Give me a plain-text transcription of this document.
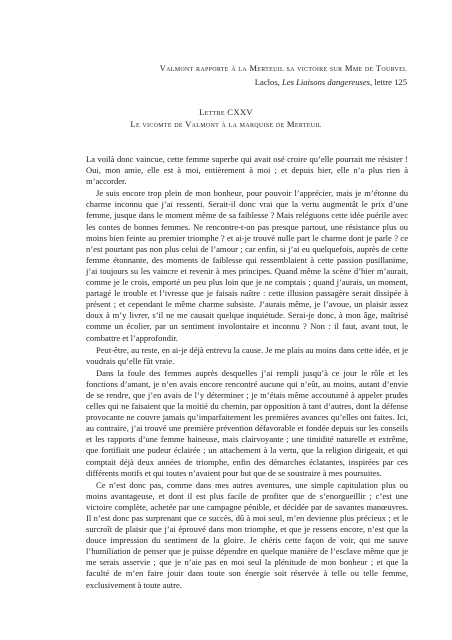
Valmont rapporte à la Merteuil sa victoire sur Mme de Tourvel
Laclos, Les Liaisons dangereuses, lettre 125
Lettre CXXV
Le vicomte de Valmont à la marquise de Merteuil

La voilà donc vaincue, cette femme superbe qui avait osé croire qu’elle pourrait me résister ! Oui, mon amie, elle est à moi, entièrement à moi ; et depuis hier, elle n’a plus rien à m’accorder.

Je suis encore trop plein de mon bonheur, pour pouvoir l’apprécier, mais je m’étonne du charme inconnu que j’ai ressenti. Serait-il donc vrai que la vertu augmentât le prix d’une femme, jusque dans le moment même de sa faiblesse ? Mais reléguons cette idée puérile avec les contes de bonnes femmes. Ne rencontre-t-on pas presque partout, une résistance plus ou moins bien feinte au premier triomphe ? et ai-je trouvé nulle part le charme dont je parle ? ce n’est pourtant pas non plus celui de l’amour ; car enfin, si j’ai eu quelquefois, auprès de cette femme étonnante, des moments de faiblesse qui ressemblaient à cette passion pusillanime, j’ai toujours su les vaincre et revenir à mes principes. Quand même la scène d’hier m’aurait, comme je le crois, emporté un peu plus loin que je ne comptais ; quand j’aurais, un moment, partagé le trouble et l’ivresse que je faisais naître : cette illusion passagère serait dissipée à présent ; et cependant le même charme subsiste. J’aurais même, je l’avoue, un plaisir assez doux à m’y livrer, s’il ne me causait quelque inquiétude. Serai-je donc, à mon âge, maîtrisé comme un écolier, par un sentiment involontaire et inconnu ? Non : il faut, avant tout, le combattre et l’approfondir.

Peut-être, au reste, en ai-je déjà entrevu la cause. Je me plais au moins dans cette idée, et je voudrais qu’elle fût vraie.

Dans la foule des femmes auprès desquelles j’ai rempli jusqu’à ce jour le rôle et les fonctions d’amant, je n’en avais encore rencontré aucune qui n’eût, au moins, autant d’envie de se rendre, que j’en avais de l’y déterminer ; je m’étais même accoutumé à appeler prudes celles qui ne faisaient que la moitié du chemin, par opposition à tant d’autres, dont la défense provocante ne couvre jamais qu’imparfaitement les premières avances qu’elles ont faites. Ici, au contraire, j’ai trouvé une première prévention défavorable et fondée depuis sur les conseils et les rapports d’une femme haineuse, mais clairvoyante ; une timidité naturelle et extrême, que fortifiait une pudeur éclairée ; un attachement à la vertu, que la religion dirigeait, et qui comptait déjà deux années de triomphe, enfin des démarches éclatantes, inspirées par ces différents motifs et qui toutes n’avaient pour but que de se soustraire à mes poursuites.

Ce n’est donc pas, comme dans mes autres aventures, une simple capitulation plus ou moins avantageuse, et dont il est plus facile de profiter que de s’enorgueillir ; c’est une victoire complète, achetée par une campagne pénible, et décidée par de savantes manœuvres. Il n’est donc pas surprenant que ce succès, dû à moi seul, m’en devienne plus précieux ; et le surcroît de plaisir que j’ai éprouvé dans mon triomphe, et que je ressens encore, n’est que la douce impression du sentiment de la gloire. Je chéris cette façon de voir, qui me sauve l’humiliation de penser que je puisse dépendre en quelque manière de l’esclave même que je me serais asservie ; que je n’aie pas en moi seul la plénitude de mon bonheur ; et que la faculté de m’en faire jouir dans toute son énergie soit réservée à telle ou telle femme, exclusivement à toute autre.
